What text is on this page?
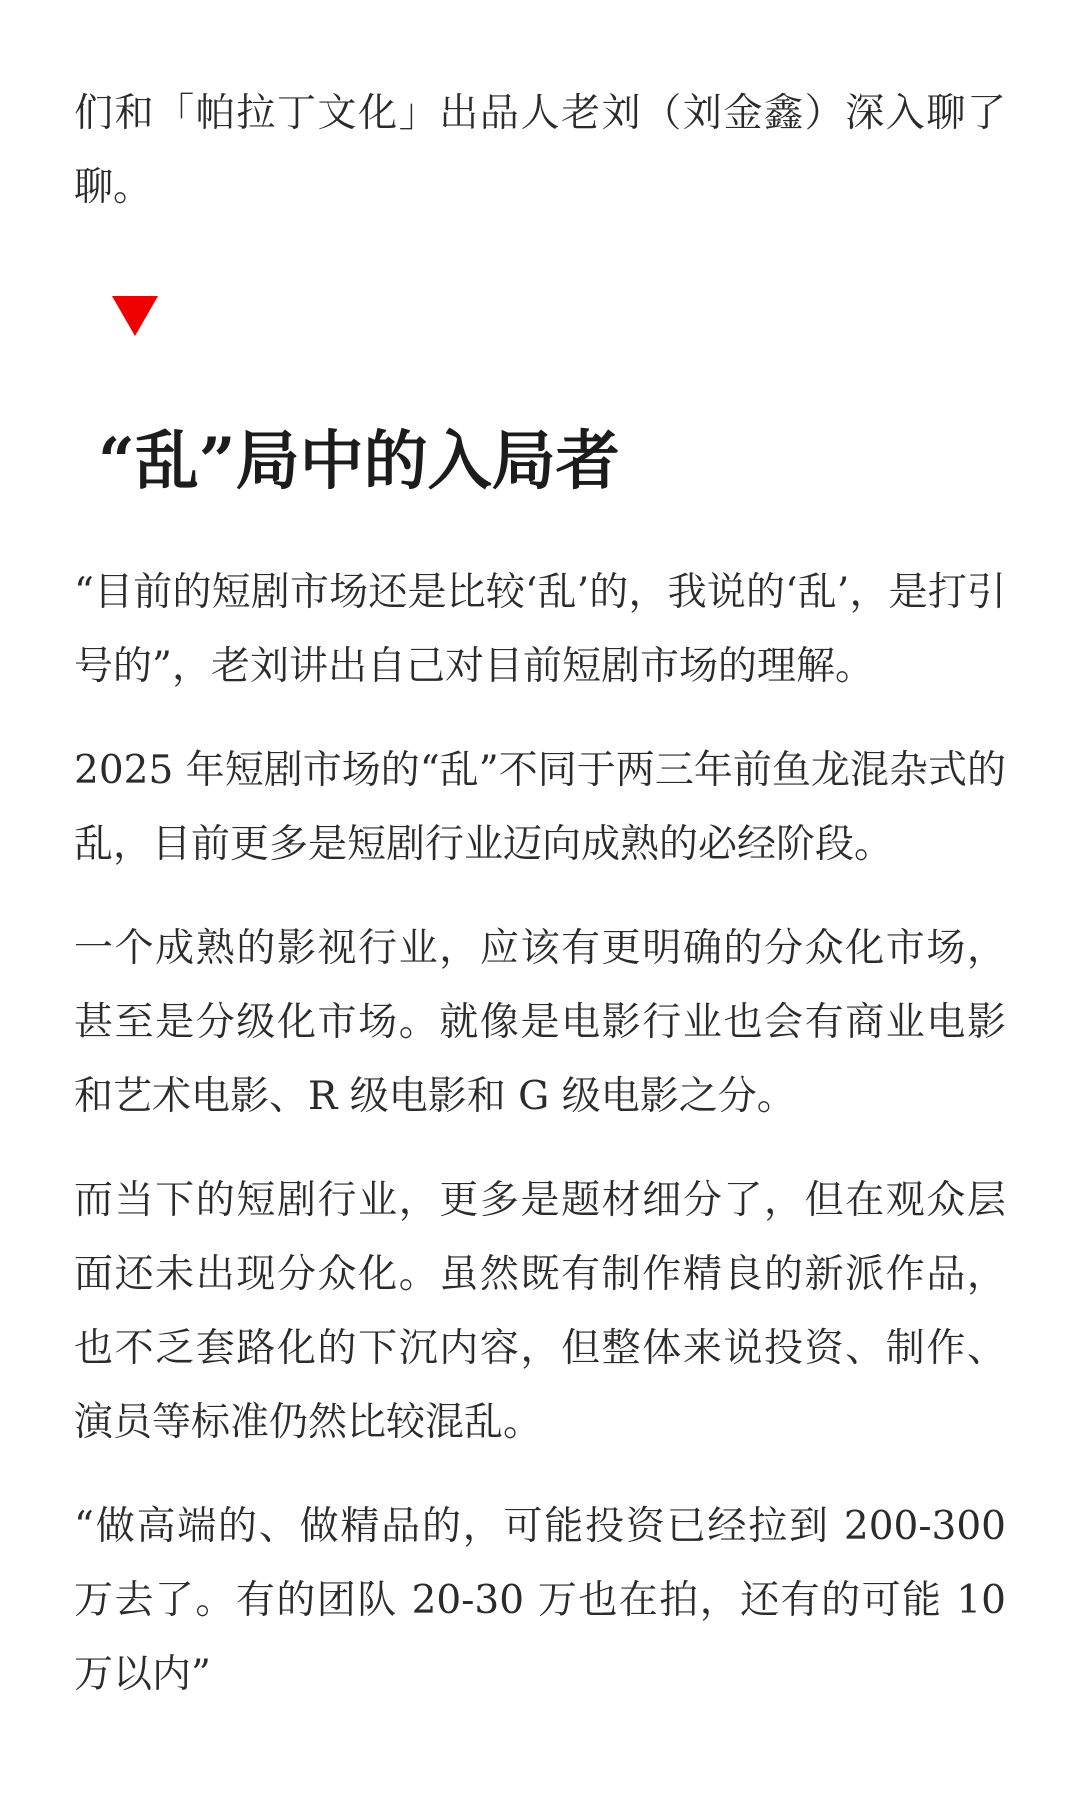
们和「帕拉丁文化」出品人老刘（刘金鑫）深入聊了聊。

“乱”局中的入局者

“目前的短剧市场还是比较‘乱’的，我说的‘乱’，是打引号的”，老刘讲出自己对目前短剧市场的理解。

2025 年短剧市场的“乱”不同于两三年前鱼龙混杂式的乱，目前更多是短剧行业迈向成熟的必经阶段。

一个成熟的影视行业，应该有更明确的分众化市场，甚至是分级化市场。就像是电影行业也会有商业电影和艺术电影、R 级电影和 G 级电影之分。

而当下的短剧行业，更多是题材细分了，但在观众层面还未出现分众化。虽然既有制作精良的新派作品，也不乏套路化的下沉内容，但整体来说投资、制作、演员等标准仍然比较混乱。

“做高端的、做精品的，可能投资已经拉到 200-300 万去了。有的团队 20-30 万也在拍，还有的可能 10 万以内”
